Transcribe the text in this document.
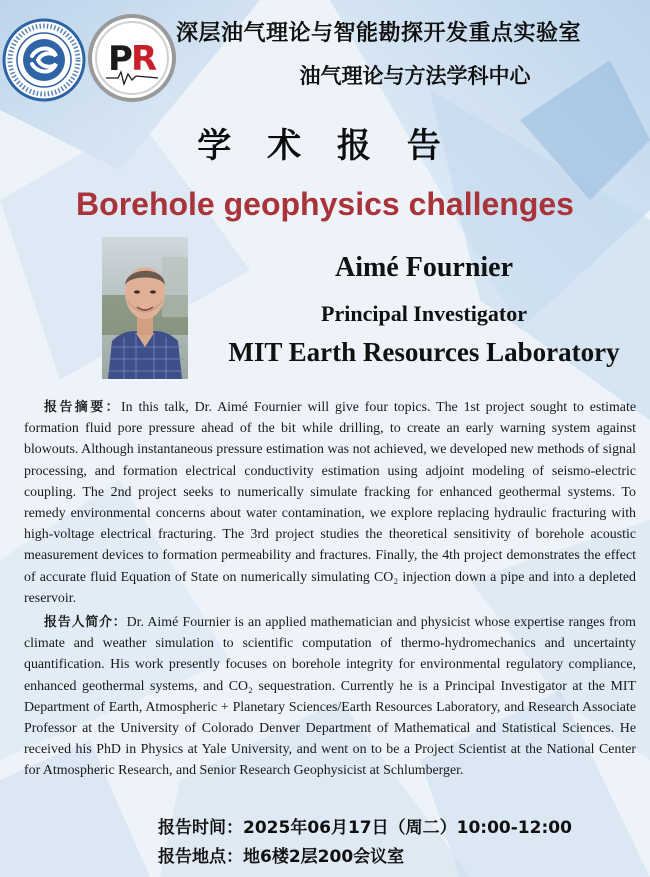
P
R
深层油气理论与智能勘探开发重点实验室
油气理论与方法学科中心
学 术 报 告
Borehole geophysics challenges
Aimé Fournier
Principal Investigator
MIT Earth Resources Laboratory

报告摘要：In this talk, Dr. Aimé Fournier will give four topics. The 1st project sought to estimate formation fluid pore pressure ahead of the bit while drilling, to create an early warning system against blowouts. Although instantaneous pressure estimation was not achieved, we developed new methods of signal processing, and formation electrical conductivity estimation using adjoint modeling of seismo-electric coupling. The 2nd project seeks to numerically simulate fracking for enhanced geothermal systems. To remedy environmental concerns about water contamination, we explore replacing hydraulic fracturing with high-voltage electrical fracturing. The 3rd project studies the theoretical sensitivity of borehole acoustic measurement devices to formation permeability and fractures. Finally, the 4th project demonstrates the effect of accurate fluid Equation of State on numerically simulating CO₂ injection down a pipe and into a depleted reservoir.

报告人简介：Dr. Aimé Fournier is an applied mathematician and physicist whose expertise ranges from climate and weather simulation to scientific computation of thermo-hydromechanics and uncertainty quantification. His work presently focuses on borehole integrity for environmental regulatory compliance, enhanced geothermal systems, and CO₂ sequestration. Currently he is a Principal Investigator at the MIT Department of Earth, Atmospheric + Planetary Sciences/Earth Resources Laboratory, and Research Associate Professor at the University of Colorado Denver Department of Mathematical and Statistical Sciences. He received his PhD in Physics at Yale University, and went on to be a Project Scientist at the National Center for Atmospheric Research, and Senior Research Geophysicist at Schlumberger.

报告时间：2025年06月17日（周二）10:00-12:00
报告地点：地6楼2层200会议室
